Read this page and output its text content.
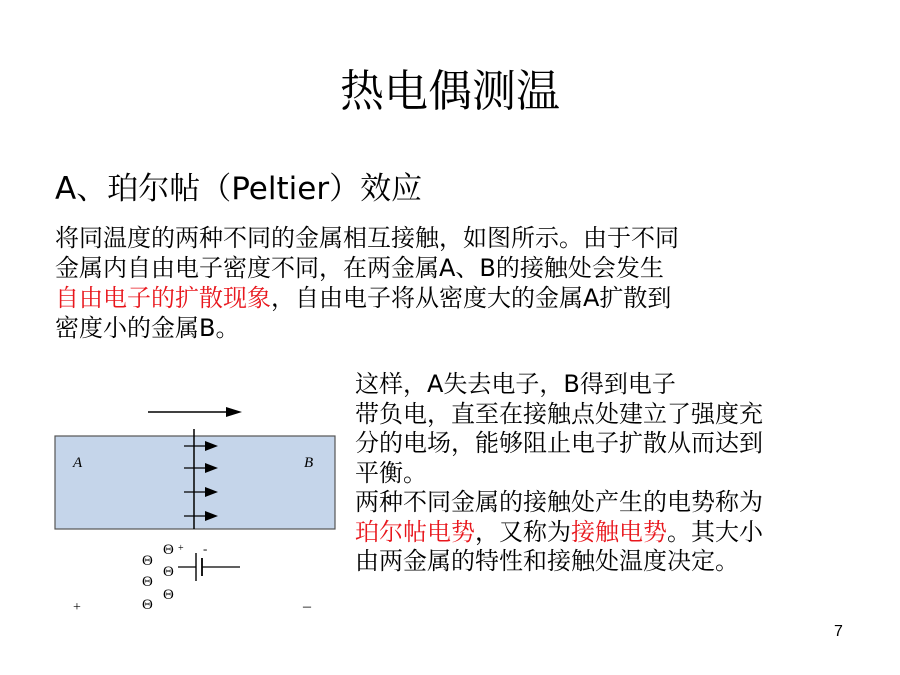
热电偶测温
A、珀尔帖（Peltier）效应
将同温度的两种不同的金属相互接触，如图所示。由于不同
金属内自由电子密度不同，在两金属A、B的接触处会发生
自由电子的扩散现象，自由电子将从密度大的金属A扩散到
密度小的金属B。
A	B
Θ + -
Θ
Θ
Θ
Θ
Θ
+	–
这样，A失去电子，B得到电子
带负电，直至在接触点处建立了强度充
分的电场，能够阻止电子扩散从而达到
平衡。
两种不同金属的接触处产生的电势称为
珀尔帖电势，又称为接触电势。其大小
由两金属的特性和接触处温度决定。
7
